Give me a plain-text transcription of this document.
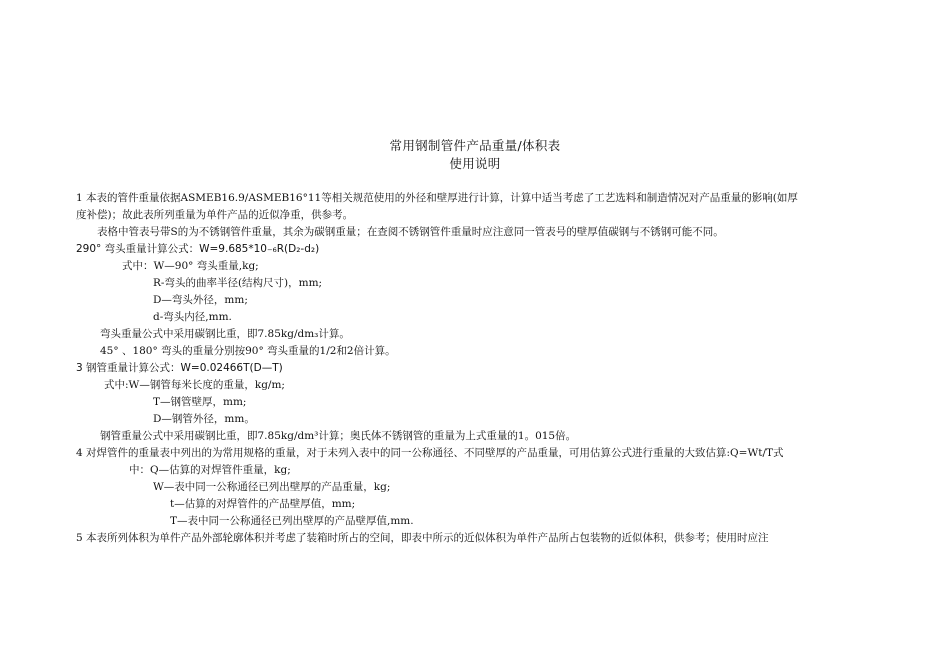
常用钢制管件产品重量/体积表
使用说明
1 本表的管件重量依据ASMEB16.9/ASMEB16°11等相关规范使用的外径和壁厚进行计算，计算中适当考虑了工艺选料和制造情况对产品重量的影响(如厚
度补偿)；故此表所列重量为单件产品的近似净重，供参考。
表格中管表号带S的为不锈钢管件重量，其余为碳钢重量；在查阅不锈钢管件重量时应注意同一管表号的壁厚值碳钢与不锈钢可能不同。
290° 弯头重量计算公式：W=9.685*10₋₆R(D₂-d₂)
式中：W—90° 弯头重量,kg;
R-弯头的曲率半径(结构尺寸)，mm;
D—弯头外径，mm;
d-弯头内径,mm.
弯头重量公式中采用碳钢比重，即7.85kg/dm₃计算。
45° 、180° 弯头的重量分别按90° 弯头重量的1/2和2倍计算。
3 钢管重量计算公式：W=0.02466T(D—T)
式中:W—钢管每米长度的重量，kg/m;
T—钢管壁厚，mm;
D—钢管外径，mm。
钢管重量公式中采用碳钢比重，即7.85kg/dm³计算；奥氏体不锈钢管的重量为上式重量的1。015倍。
4 对焊管件的重量表中列出的为常用规格的重量，对于未列入表中的同一公称通径、不同壁厚的产品重量，可用估算公式进行重量的大致估算:Q=Wt/T式
中：Q—估算的对焊管件重量，kg;
W—表中同一公称通径已列出壁厚的产品重量，kg;
t—估算的对焊管件的产品壁厚值，mm;
T—表中同一公称通径已列出壁厚的产品壁厚值,mm.
5 本表所列体积为单件产品外部轮廓体积并考虑了装箱时所占的空间，即表中所示的近似体积为单件产品所占包装物的近似体积，供参考；使用时应注
